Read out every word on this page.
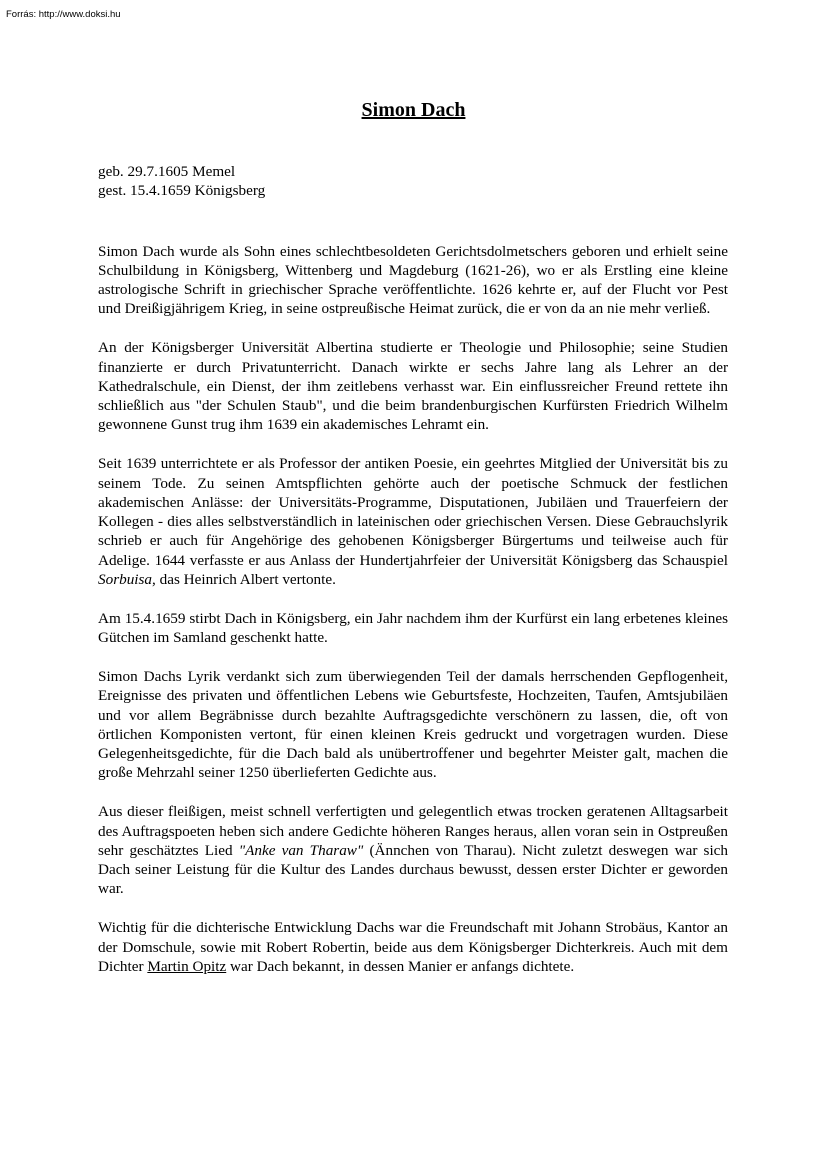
Forrás: http://www.doksi.hu
Simon Dach
geb. 29.7.1605 Memel
gest. 15.4.1659 Königsberg

Simon Dach wurde als Sohn eines schlechtbesoldeten Gerichtsdolmetschers geboren und erhielt seine Schulbildung in Königsberg, Wittenberg und Magdeburg (1621-26), wo er als Erstling eine kleine astrologische Schrift in griechischer Sprache veröffentlichte. 1626 kehrte er, auf der Flucht vor Pest und Dreißigjährigem Krieg, in seine ostpreußische Heimat zurück, die er von da an nie mehr verließ.

An der Königsberger Universität Albertina studierte er Theologie und Philosophie; seine Studien finanzierte er durch Privatunterricht. Danach wirkte er sechs Jahre lang als Lehrer an der Kathedralschule, ein Dienst, der ihm zeitlebens verhasst war. Ein einflussreicher Freund rettete ihn schließlich aus "der Schulen Staub", und die beim brandenburgischen Kurfürsten Friedrich Wilhelm gewonnene Gunst trug ihm 1639 ein akademisches Lehramt ein.

Seit 1639 unterrichtete er als Professor der antiken Poesie, ein geehrtes Mitglied der Universität bis zu seinem Tode. Zu seinen Amtspflichten gehörte auch der poetische Schmuck der festlichen akademischen Anlässe: der Universitäts-Programme, Disputationen, Jubiläen und Trauerfeiern der Kollegen - dies alles selbstverständlich in lateinischen oder griechischen Versen. Diese Gebrauchslyrik schrieb er auch für Angehörige des gehobenen Königsberger Bürgertums und teilweise auch für Adelige. 1644 verfasste er aus Anlass der Hundertjahrfeier der Universität Königsberg das Schauspiel Sorbuisa, das Heinrich Albert vertonte.

Am 15.4.1659 stirbt Dach in Königsberg, ein Jahr nachdem ihm der Kurfürst ein lang erbetenes kleines Gütchen im Samland geschenkt hatte.

Simon Dachs Lyrik verdankt sich zum überwiegenden Teil der damals herrschenden Gepflogenheit, Ereignisse des privaten und öffentlichen Lebens wie Geburtsfeste, Hochzeiten, Taufen, Amtsjubiläen und vor allem Begräbnisse durch bezahlte Auftragsgedichte verschönern zu lassen, die, oft von örtlichen Komponisten vertont, für einen kleinen Kreis gedruckt und vorgetragen wurden. Diese Gelegenheitsgedichte, für die Dach bald als unübertroffener und begehrter Meister galt, machen die große Mehrzahl seiner 1250 überlieferten Gedichte aus.

Aus dieser fleißigen, meist schnell verfertigten und gelegentlich etwas trocken geratenen Alltagsarbeit des Auftragspoeten heben sich andere Gedichte höheren Ranges heraus, allen voran sein in Ostpreußen sehr geschätztes Lied "Anke van Tharaw" (Ännchen von Tharau). Nicht zuletzt deswegen war sich Dach seiner Leistung für die Kultur des Landes durchaus bewusst, dessen erster Dichter er geworden war.

Wichtig für die dichterische Entwicklung Dachs war die Freundschaft mit Johann Strobäus, Kantor an der Domschule, sowie mit Robert Robertin, beide aus dem Königsberger Dichterkreis. Auch mit dem Dichter Martin Opitz war Dach bekannt, in dessen Manier er anfangs dichtete.
